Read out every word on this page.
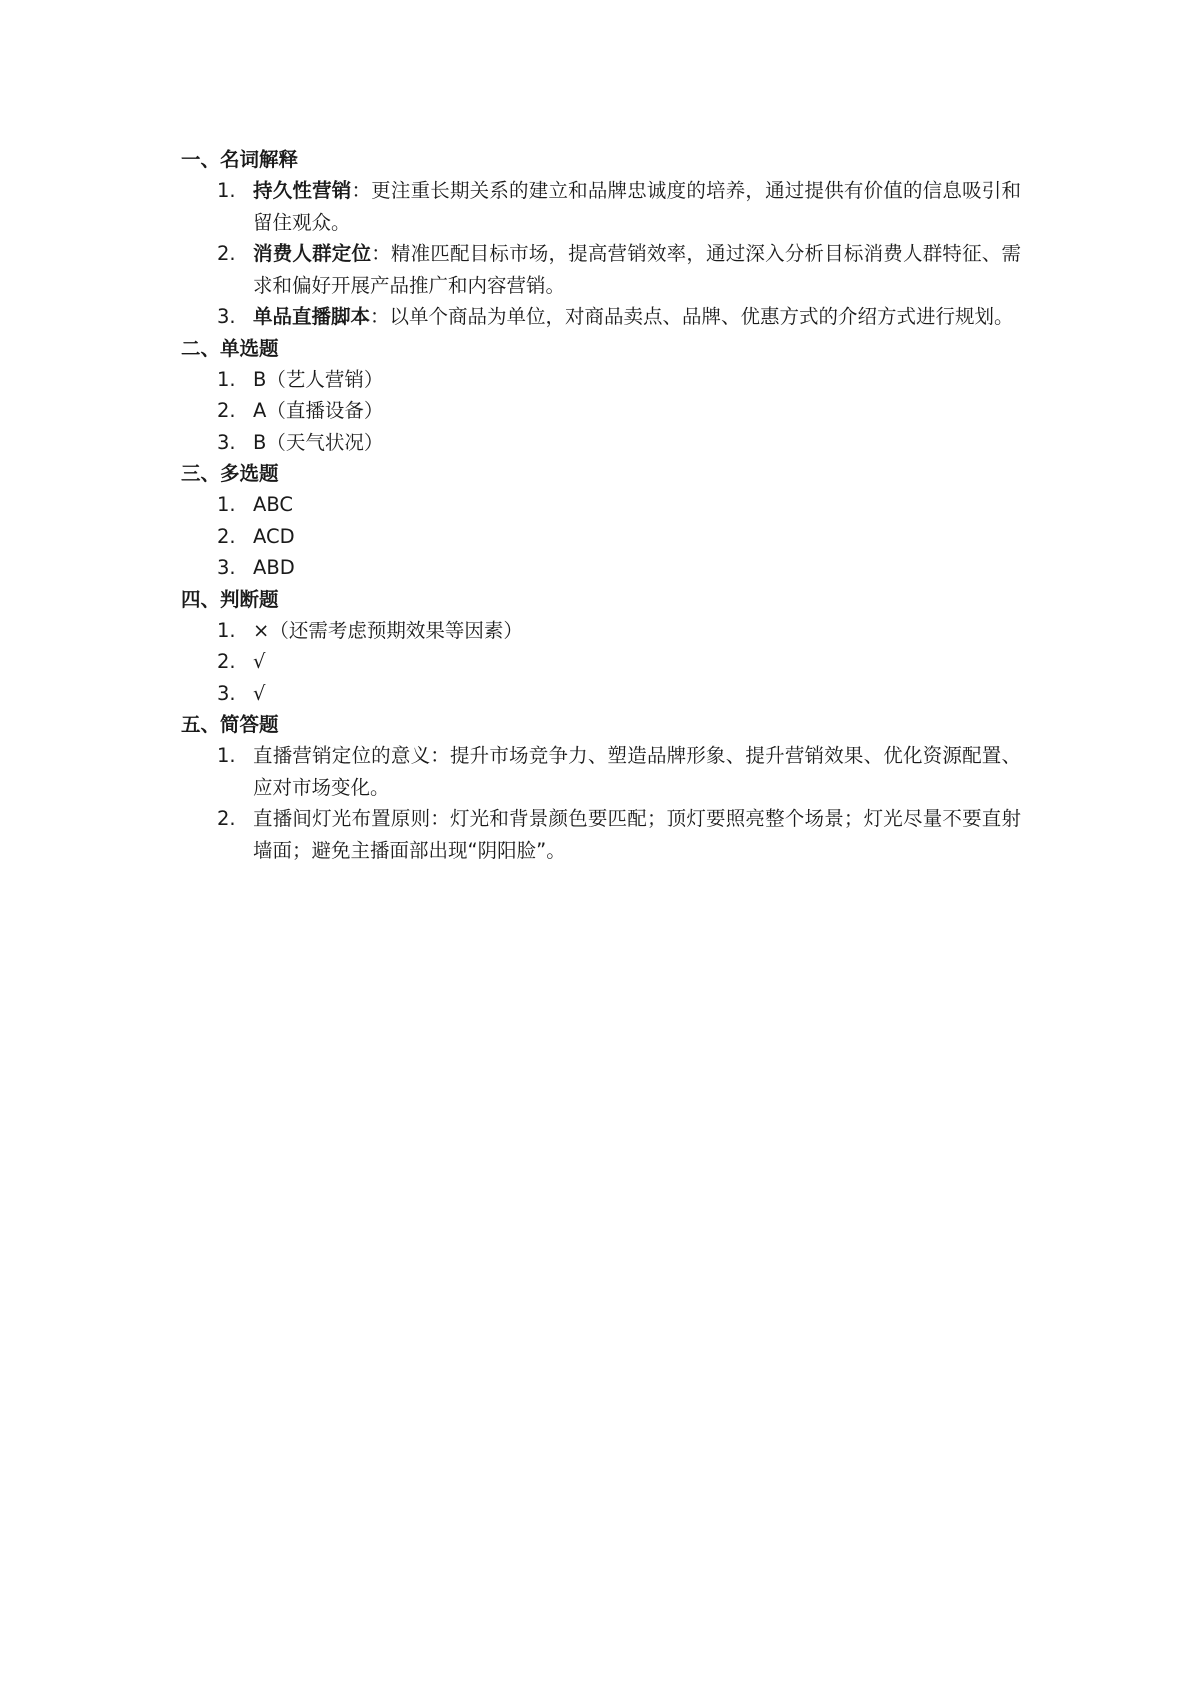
一、名词解释
1. 持久性营销：更注重长期关系的建立和品牌忠诚度的培养，通过提供有价值的信息吸引和留住观众。
2. 消费人群定位：精准匹配目标市场，提高营销效率，通过深入分析目标消费人群特征、需求和偏好开展产品推广和内容营销。
3. 单品直播脚本：以单个商品为单位，对商品卖点、品牌、优惠方式的介绍方式进行规划。
二、单选题
1. B（艺人营销）
2. A（直播设备）
3. B（天气状况）
三、多选题
1. ABC
2. ACD
3. ABD
四、判断题
1. ×（还需考虑预期效果等因素）
2. √
3. √
五、简答题
1. 直播营销定位的意义：提升市场竞争力、塑造品牌形象、提升营销效果、优化资源配置、应对市场变化。
2. 直播间灯光布置原则：灯光和背景颜色要匹配；顶灯要照亮整个场景；灯光尽量不要直射墙面；避免主播面部出现“阴阳脸”。
